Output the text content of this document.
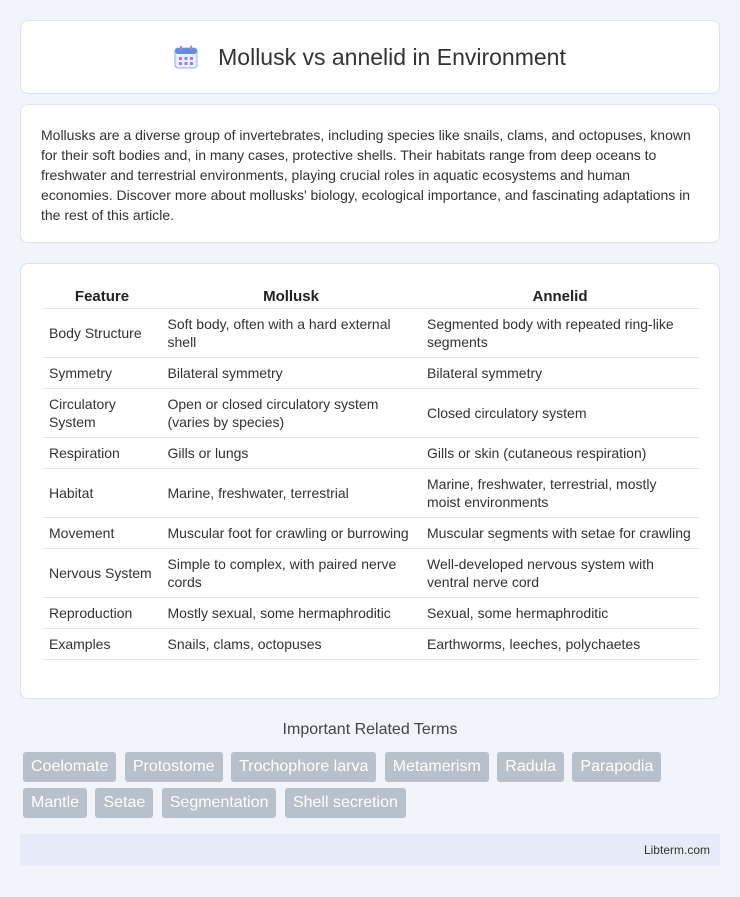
Mollusk vs annelid in Environment

Mollusks are a diverse group of invertebrates, including species like snails, clams, and octopuses, known for their soft bodies and, in many cases, protective shells. Their habitats range from deep oceans to freshwater and terrestrial environments, playing crucial roles in aquatic ecosystems and human economies. Discover more about mollusks' biology, ecological importance, and fascinating adaptations in the rest of this article.

Feature	Mollusk	Annelid
Body Structure	Soft body, often with a hard external shell	Segmented body with repeated ring-like segments
Symmetry	Bilateral symmetry	Bilateral symmetry
Circulatory System	Open or closed circulatory system (varies by species)	Closed circulatory system
Respiration	Gills or lungs	Gills or skin (cutaneous respiration)
Habitat	Marine, freshwater, terrestrial	Marine, freshwater, terrestrial, mostly moist environments
Movement	Muscular foot for crawling or burrowing	Muscular segments with setae for crawling
Nervous System	Simple to complex, with paired nerve cords	Well-developed nervous system with ventral nerve cord
Reproduction	Mostly sexual, some hermaphroditic	Sexual, some hermaphroditic
Examples	Snails, clams, octopuses	Earthworms, leeches, polychaetes
Important Related Terms
Coelomate Protostome Trochophore larva Metamerism Radula Parapodia Mantle Setae Segmentation Shell secretion
Libterm.com
